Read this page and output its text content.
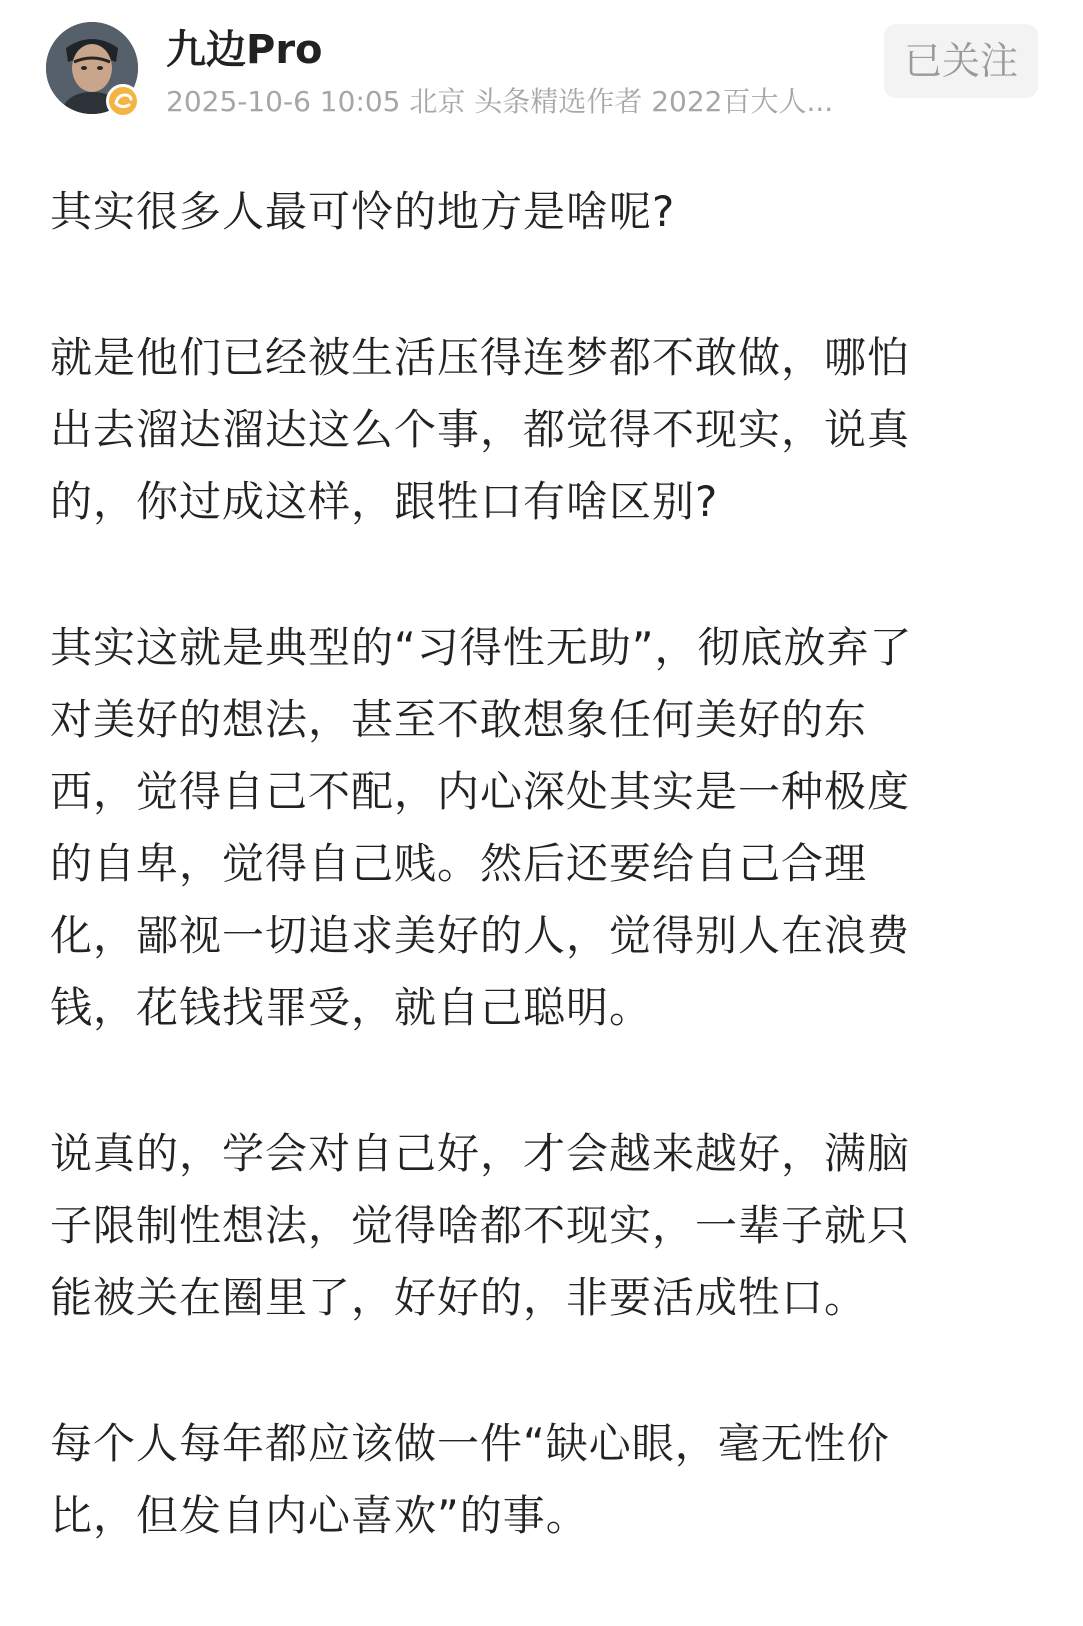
九边Pro
2025-10-6 10:05 北京 头条精选作者 2022百大人...
已关注
其实很多人最可怜的地方是啥呢?
就是他们已经被生活压得连梦都不敢做，哪怕
出去溜达溜达这么个事，都觉得不现实，说真
的，你过成这样，跟牲口有啥区别?
其实这就是典型的“习得性无助”，彻底放弃了
对美好的想法，甚至不敢想象任何美好的东
西，觉得自己不配，内心深处其实是一种极度
的自卑，觉得自己贱。然后还要给自己合理
化，鄙视一切追求美好的人，觉得别人在浪费
钱，花钱找罪受，就自己聪明。
说真的，学会对自己好，才会越来越好，满脑
子限制性想法，觉得啥都不现实，一辈子就只
能被关在圈里了，好好的，非要活成牲口。
每个人每年都应该做一件“缺心眼，毫无性价
比，但发自内心喜欢”的事。
